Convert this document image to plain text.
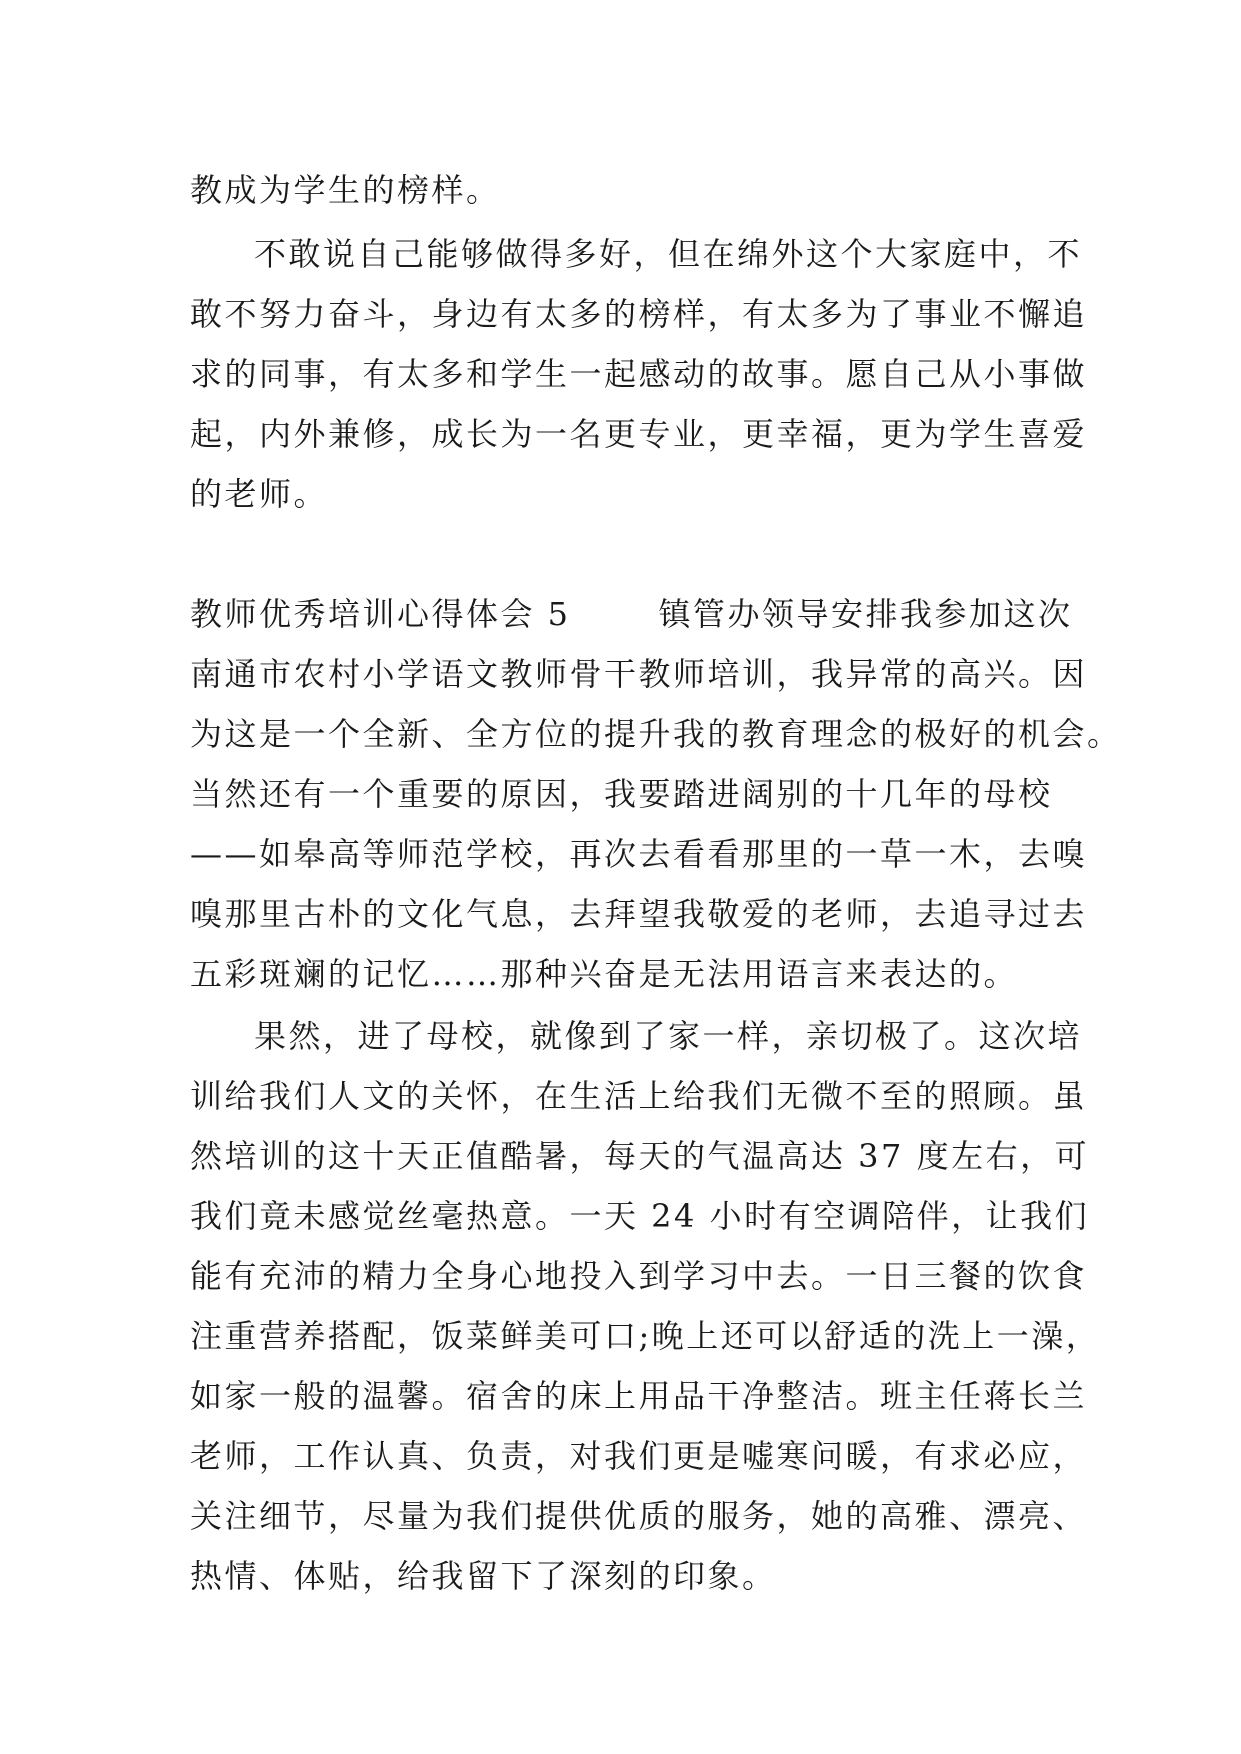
教成为学生的榜样。

不敢说自己能够做得多好，但在绵外这个大家庭中，不

敢不努力奋斗，身边有太多的榜样，有太多为了事业不懈追

求的同事，有太多和学生一起感动的故事。愿自己从小事做

起，内外兼修，成长为一名更专业，更幸福，更为学生喜爱

的老师。

教师优秀培训心得体会 5	镇管办领导安排我参加这次

南通市农村小学语文教师骨干教师培训，我异常的高兴。因

为这是一个全新、全方位的提升我的教育理念的极好的机会。

当然还有一个重要的原因，我要踏进阔别的十几年的母校

——如皋高等师范学校，再次去看看那里的一草一木，去嗅

嗅那里古朴的文化气息，去拜望我敬爱的老师，去追寻过去

五彩斑斓的记忆……那种兴奋是无法用语言来表达的。

果然，进了母校，就像到了家一样，亲切极了。这次培

训给我们人文的关怀，在生活上给我们无微不至的照顾。虽

然培训的这十天正值酷暑，每天的气温高达 37 度左右，可

我们竟未感觉丝毫热意。一天 24 小时有空调陪伴，让我们

能有充沛的精力全身心地投入到学习中去。一日三餐的饮食

注重营养搭配，饭菜鲜美可口;晚上还可以舒适的洗上一澡，

如家一般的温馨。宿舍的床上用品干净整洁。班主任蒋长兰

老师，工作认真、负责，对我们更是嘘寒问暖，有求必应，

关注细节，尽量为我们提供优质的服务，她的高雅、漂亮、

热情、体贴，给我留下了深刻的印象。
